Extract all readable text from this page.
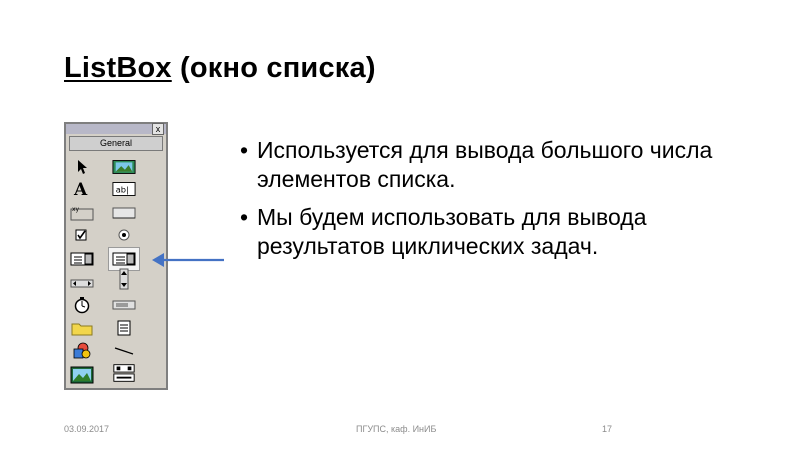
ListBox (окно списка)
x
General
A	ab|
xy
• Используется для вывода большого числа элементов списка.
• Мы будем использовать для вывода результатов циклических задач.
03.09.2017	ПГУПС, каф. ИнИБ	17
